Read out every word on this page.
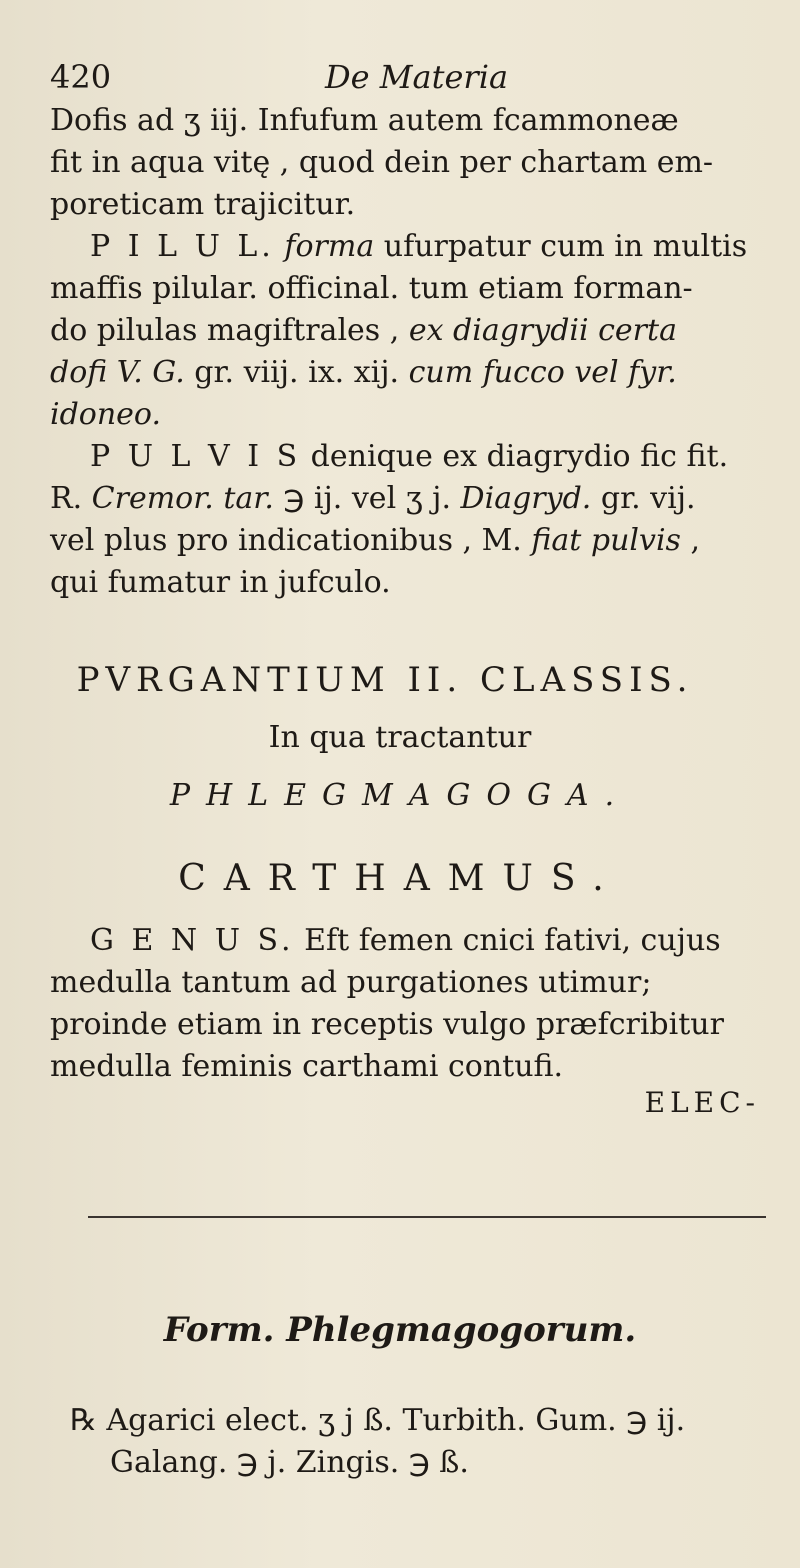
420	De Materia
Dofis ad ʒ iij. Infufum autem fcammoneæ
fit in aqua vitę , quod dein per chartam em-
poreticam trajicitur.
P I L U L. forma ufurpatur cum in multis
maffis pilular. officinal. tum etiam forman-
do pilulas magiftrales , ex diagrydii certa
dofi V. G. gr. viij. ix. xij. cum fucco vel fyr.
idoneo.
P U L V I S denique ex diagrydio fic fit.
R. Cremor. tar. ℈ ij. vel ʒ j. Diagryd. gr. vij.
vel plus pro indicationibus , M. fiat pulvis ,
qui fumatur in jufculo.
PVRGANTIUM II. CLASSIS.
In qua tractantur
PHLEGMAGOGA.
CARTHAMUS.
G E N U S. Eft femen cnici fativi, cujus
medulla tantum ad purgationes utimur;
proinde etiam in receptis vulgo præfcribitur
medulla feminis carthami contufi.
ELEC-
Form. Phlegmagogorum.
℞ Agarici elect. ʒ j ß. Turbith. Gum. ℈ ij.
Galang. ℈ j. Zingis. ℈ ß.
